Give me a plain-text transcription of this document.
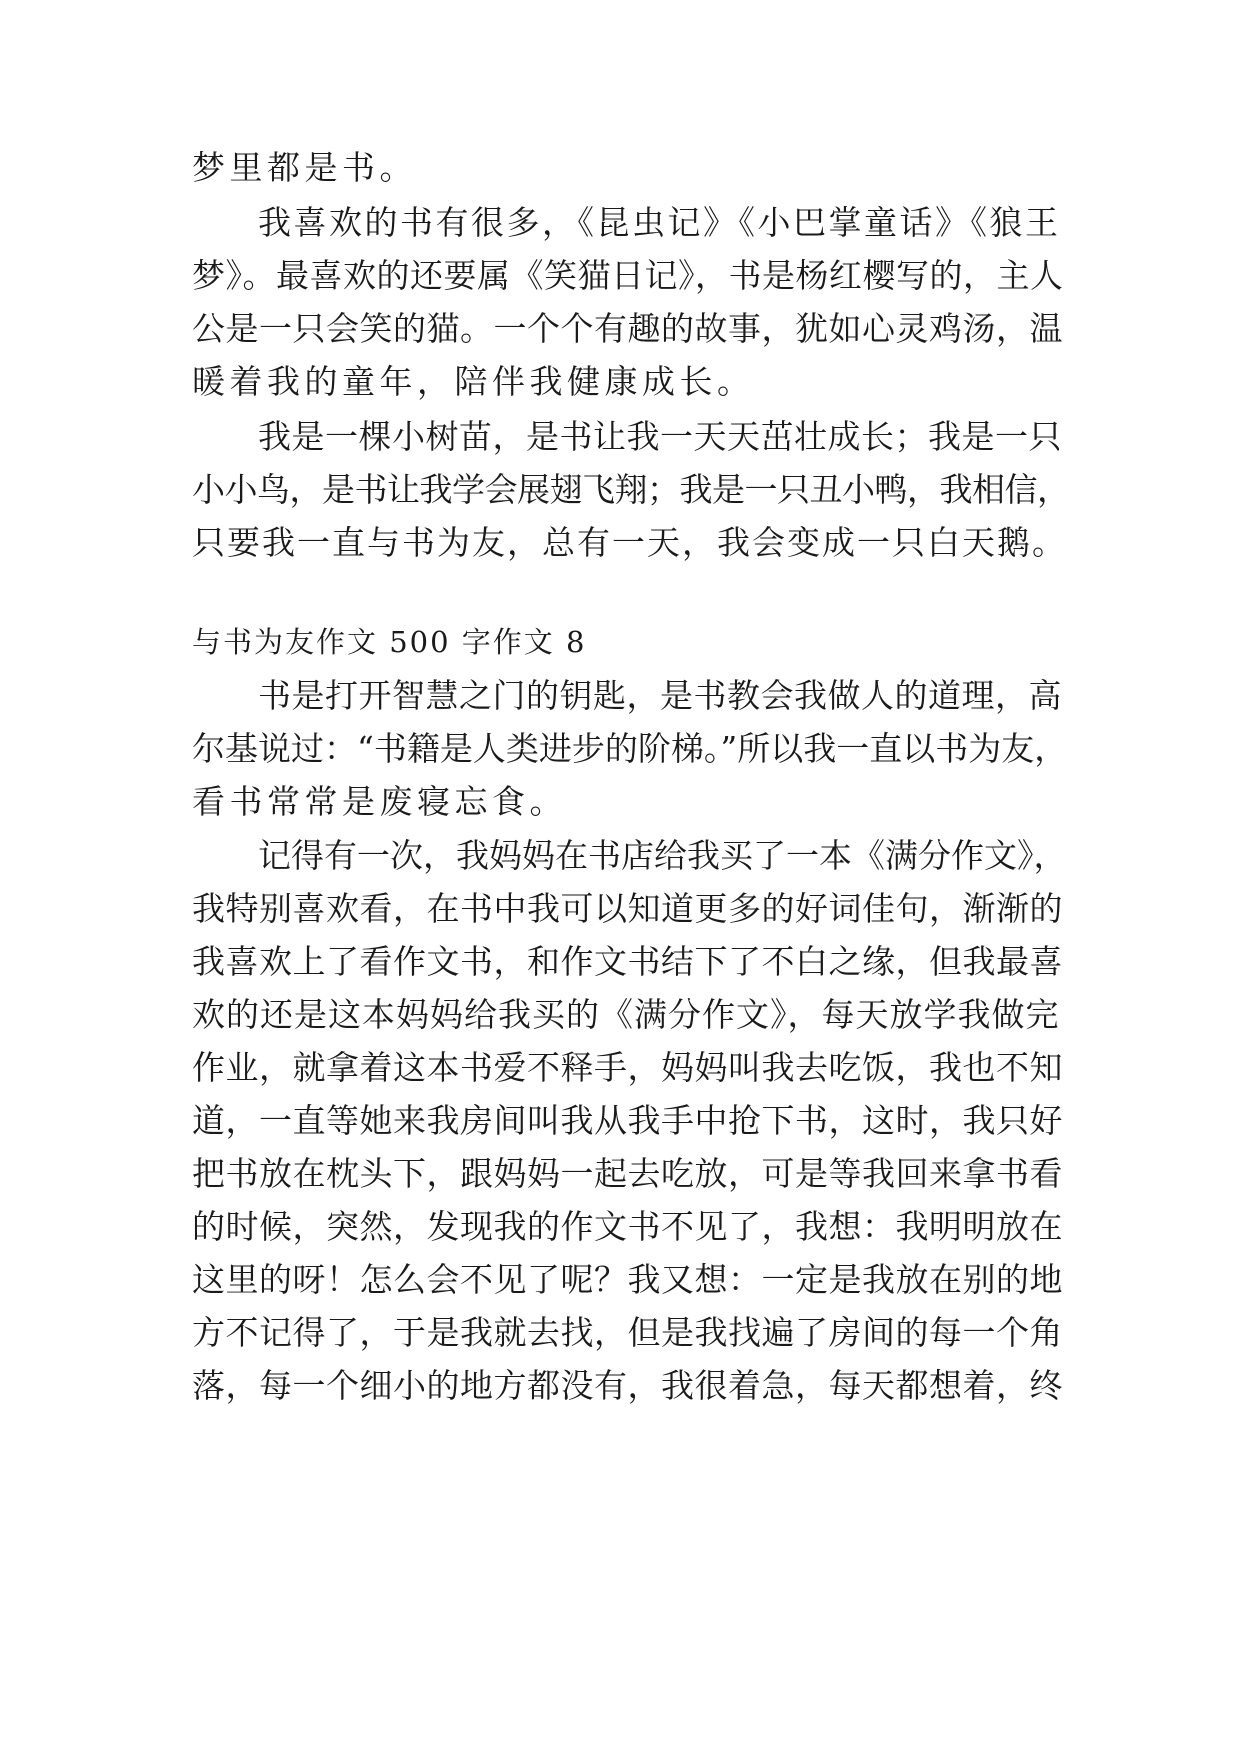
梦里都是书。
我喜欢的书有很多，《昆虫记》《小巴掌童话》《狼王
梦》。最喜欢的还要属《笑猫日记》，书是杨红樱写的，主人
公是一只会笑的猫。一个个有趣的故事，犹如心灵鸡汤，温
暖着我的童年，陪伴我健康成长。
我是一棵小树苗，是书让我一天天茁壮成长；我是一只
小小鸟，是书让我学会展翅飞翔；我是一只丑小鸭，我相信，
只要我一直与书为友，总有一天，我会变成一只白天鹅。
与书为友作文 500 字作文 8
书是打开智慧之门的钥匙，是书教会我做人的道理，高
尔基说过：“书籍是人类进步的阶梯。”所以我一直以书为友，
看书常常是废寝忘食。
记得有一次，我妈妈在书店给我买了一本《满分作文》，
我特别喜欢看，在书中我可以知道更多的好词佳句，渐渐的
我喜欢上了看作文书，和作文书结下了不白之缘，但我最喜
欢的还是这本妈妈给我买的《满分作文》，每天放学我做完
作业，就拿着这本书爱不释手，妈妈叫我去吃饭，我也不知
道，一直等她来我房间叫我从我手中抢下书，这时，我只好
把书放在枕头下，跟妈妈一起去吃放，可是等我回来拿书看
的时候，突然，发现我的作文书不见了，我想：我明明放在
这里的呀！怎么会不见了呢？我又想：一定是我放在别的地
方不记得了，于是我就去找，但是我找遍了房间的每一个角
落，每一个细小的地方都没有，我很着急，每天都想着，终
